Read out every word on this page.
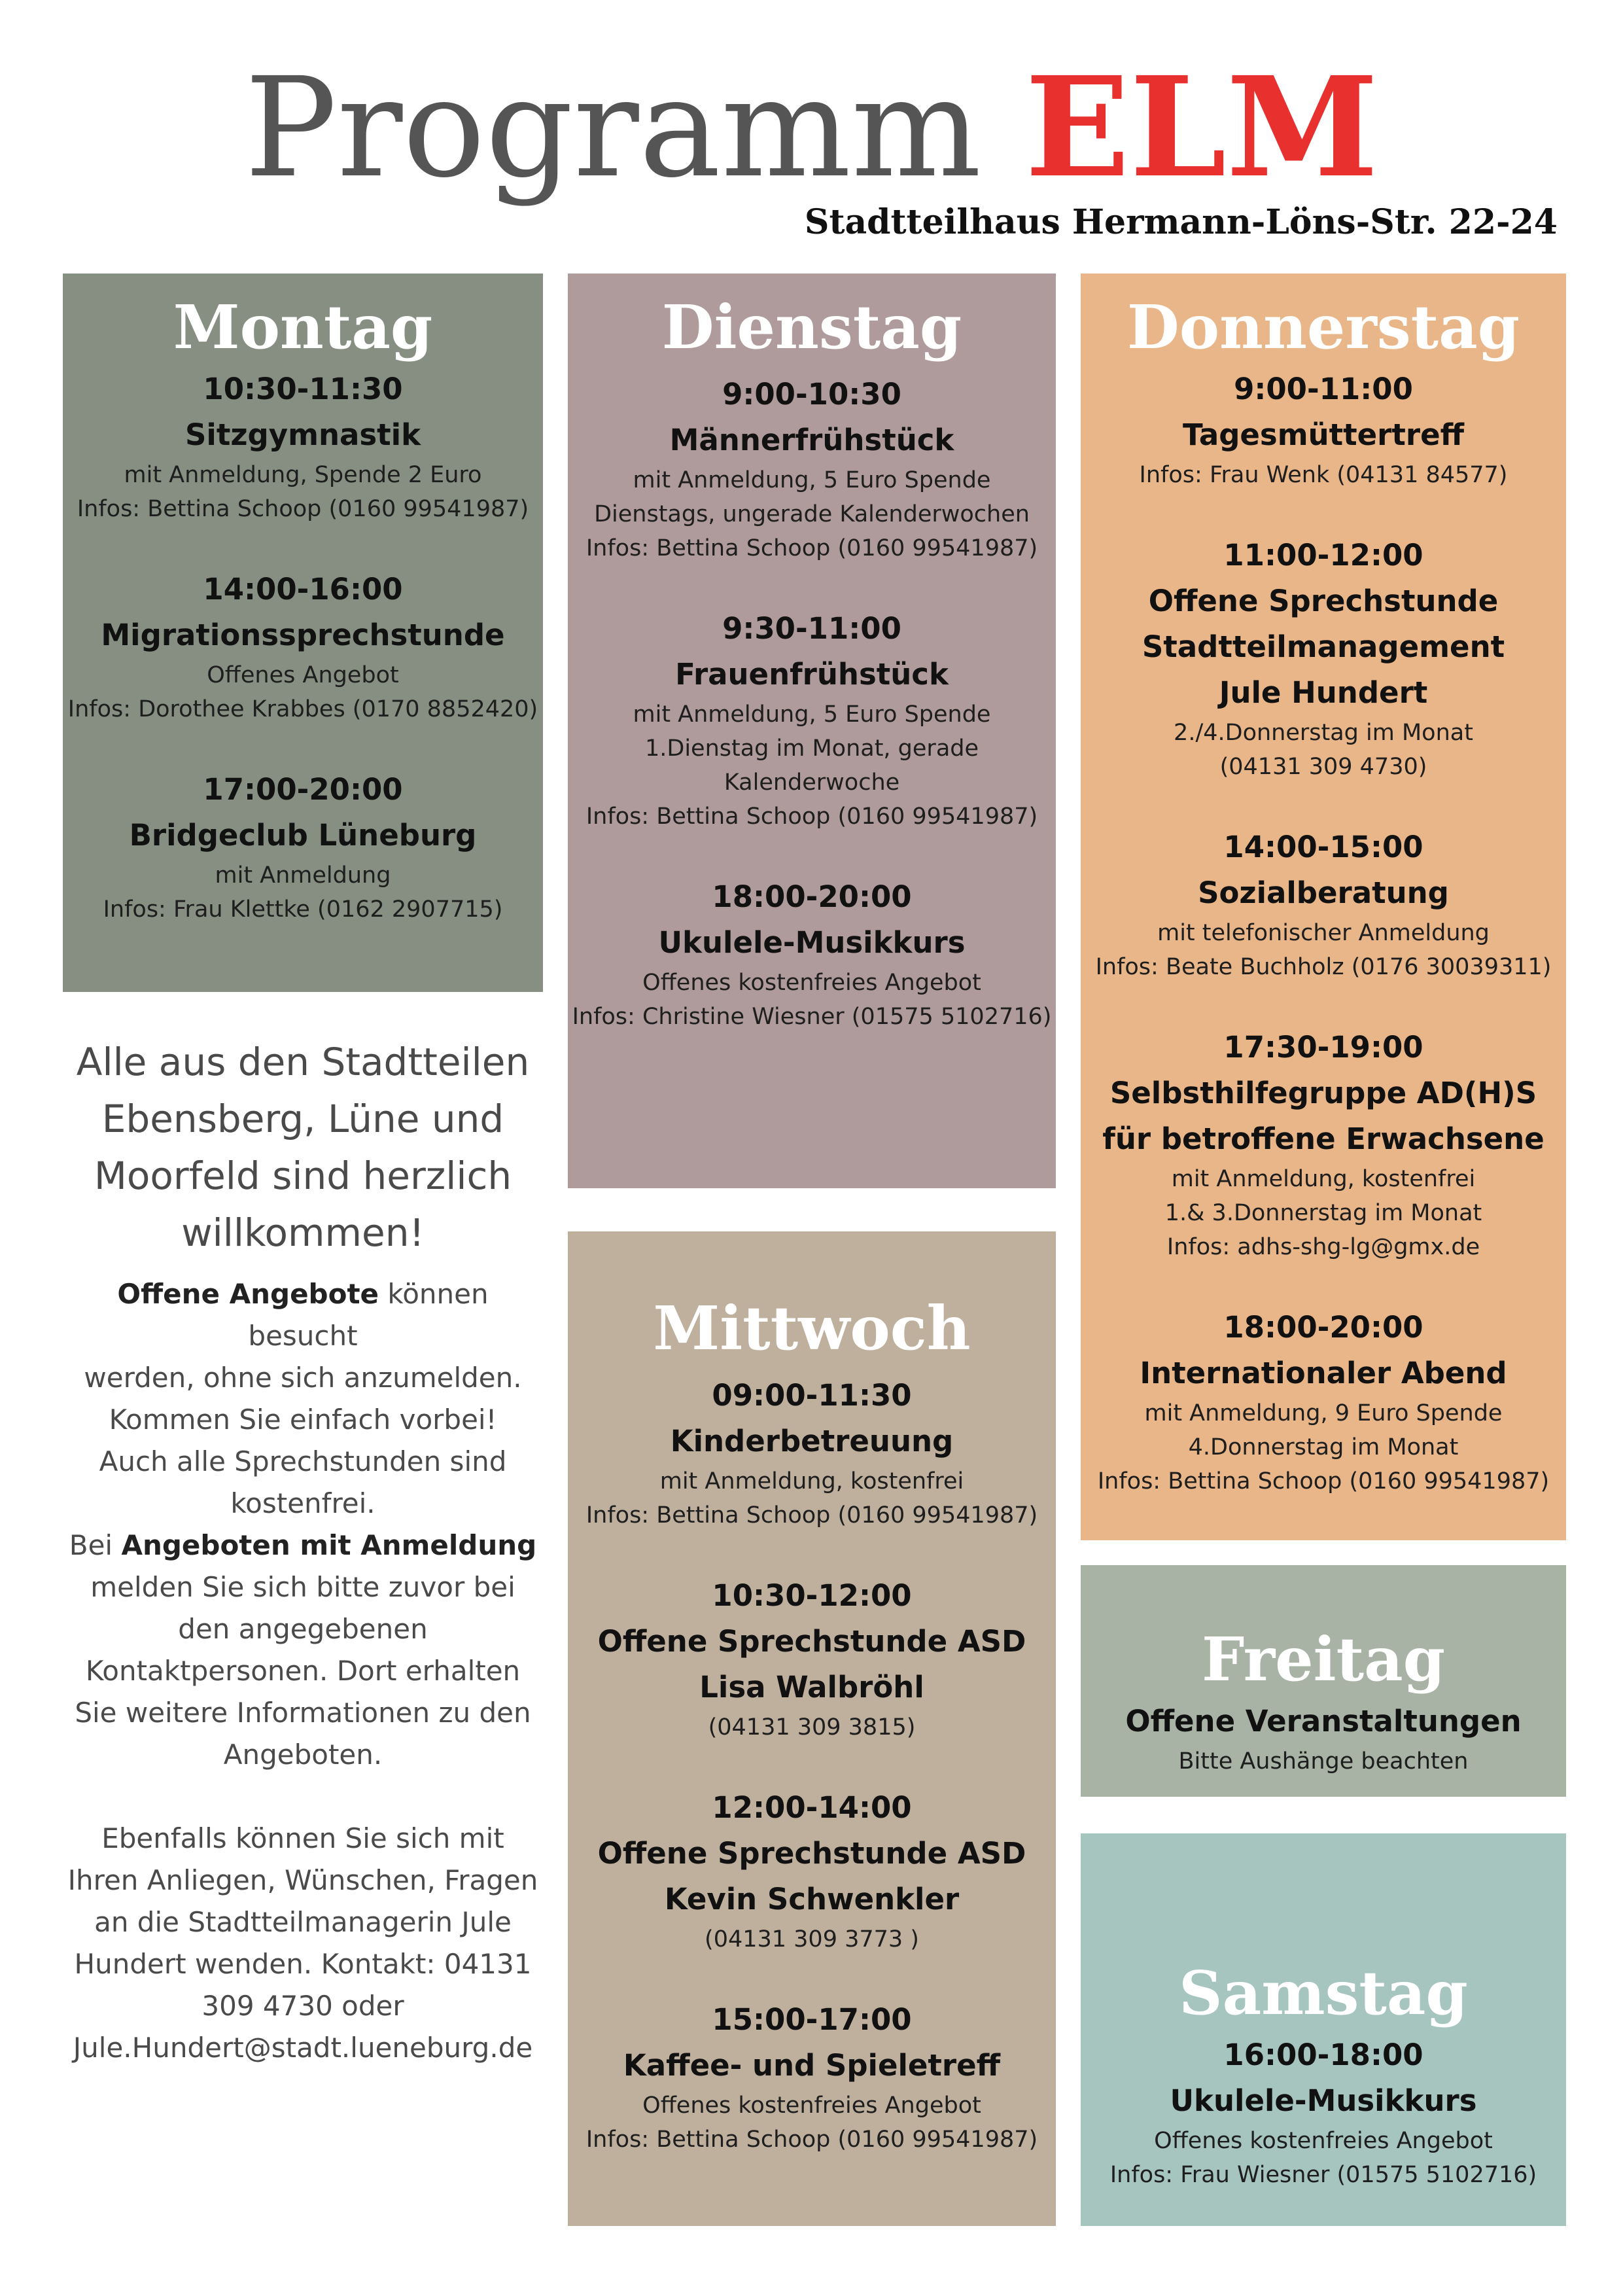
Programm ELM
Stadtteilhaus Hermann-Löns-Str. 22-24
Montag
10:30-11:30
Sitzgymnastik
mit Anmeldung, Spende 2 Euro
Infos: Bettina Schoop (0160 99541987)
14:00-16:00
Migrationssprechstunde
Offenes Angebot
Infos: Dorothee Krabbes (0170 8852420)
17:00-20:00
Bridgeclub Lüneburg
mit Anmeldung
Infos: Frau Klettke (0162 2907715)
Dienstag
9:00-10:30
Männerfrühstück
mit Anmeldung, 5 Euro Spende
Dienstags, ungerade Kalenderwochen
Infos: Bettina Schoop (0160 99541987)
9:30-11:00
Frauenfrühstück
mit Anmeldung, 5 Euro Spende
1.Dienstag im Monat, gerade
Kalenderwoche
Infos: Bettina Schoop (0160 99541987)
18:00-20:00
Ukulele-Musikkurs
Offenes kostenfreies Angebot
Infos: Christine Wiesner (01575 5102716)
Donnerstag
9:00-11:00
Tagesmüttertreff
Infos: Frau Wenk (04131 84577)
11:00-12:00
Offene Sprechstunde
Stadtteilmanagement
Jule Hundert
2./4.Donnerstag im Monat
(04131 309 4730)
14:00-15:00
Sozialberatung
mit telefonischer Anmeldung
Infos: Beate Buchholz (0176 30039311)
17:30-19:00
Selbsthilfegruppe AD(H)S
für betroffene Erwachsene
mit Anmeldung, kostenfrei
1.& 3.Donnerstag im Monat
Infos: adhs-shg-lg@gmx.de
18:00-20:00
Internationaler Abend
mit Anmeldung, 9 Euro Spende
4.Donnerstag im Monat
Infos: Bettina Schoop (0160 99541987)
Mittwoch
09:00-11:30
Kinderbetreuung
mit Anmeldung, kostenfrei
Infos: Bettina Schoop (0160 99541987)
10:30-12:00
Offene Sprechstunde ASD
Lisa Walbröhl
(04131 309 3815)
12:00-14:00
Offene Sprechstunde ASD
Kevin Schwenkler
(04131 309 3773 )
15:00-17:00
Kaffee- und Spieletreff
Offenes kostenfreies Angebot
Infos: Bettina Schoop (0160 99541987)
Freitag
Offene Veranstaltungen
Bitte Aushänge beachten
Samstag
16:00-18:00
Ukulele-Musikkurs
Offenes kostenfreies Angebot
Infos: Frau Wiesner (01575 5102716)
Alle aus den Stadtteilen
Ebensberg, Lüne und
Moorfeld sind herzlich
willkommen!
Offene Angebote können besucht
werden, ohne sich anzumelden.
Kommen Sie einfach vorbei!
Auch alle Sprechstunden sind
kostenfrei.
Bei Angeboten mit Anmeldung
melden Sie sich bitte zuvor bei
den angegebenen
Kontaktpersonen. Dort erhalten
Sie weitere Informationen zu den
Angeboten.
Ebenfalls können Sie sich mit
Ihren Anliegen, Wünschen, Fragen
an die Stadtteilmanagerin Jule
Hundert wenden. Kontakt: 04131
309 4730 oder
Jule.Hundert@stadt.lueneburg.de
